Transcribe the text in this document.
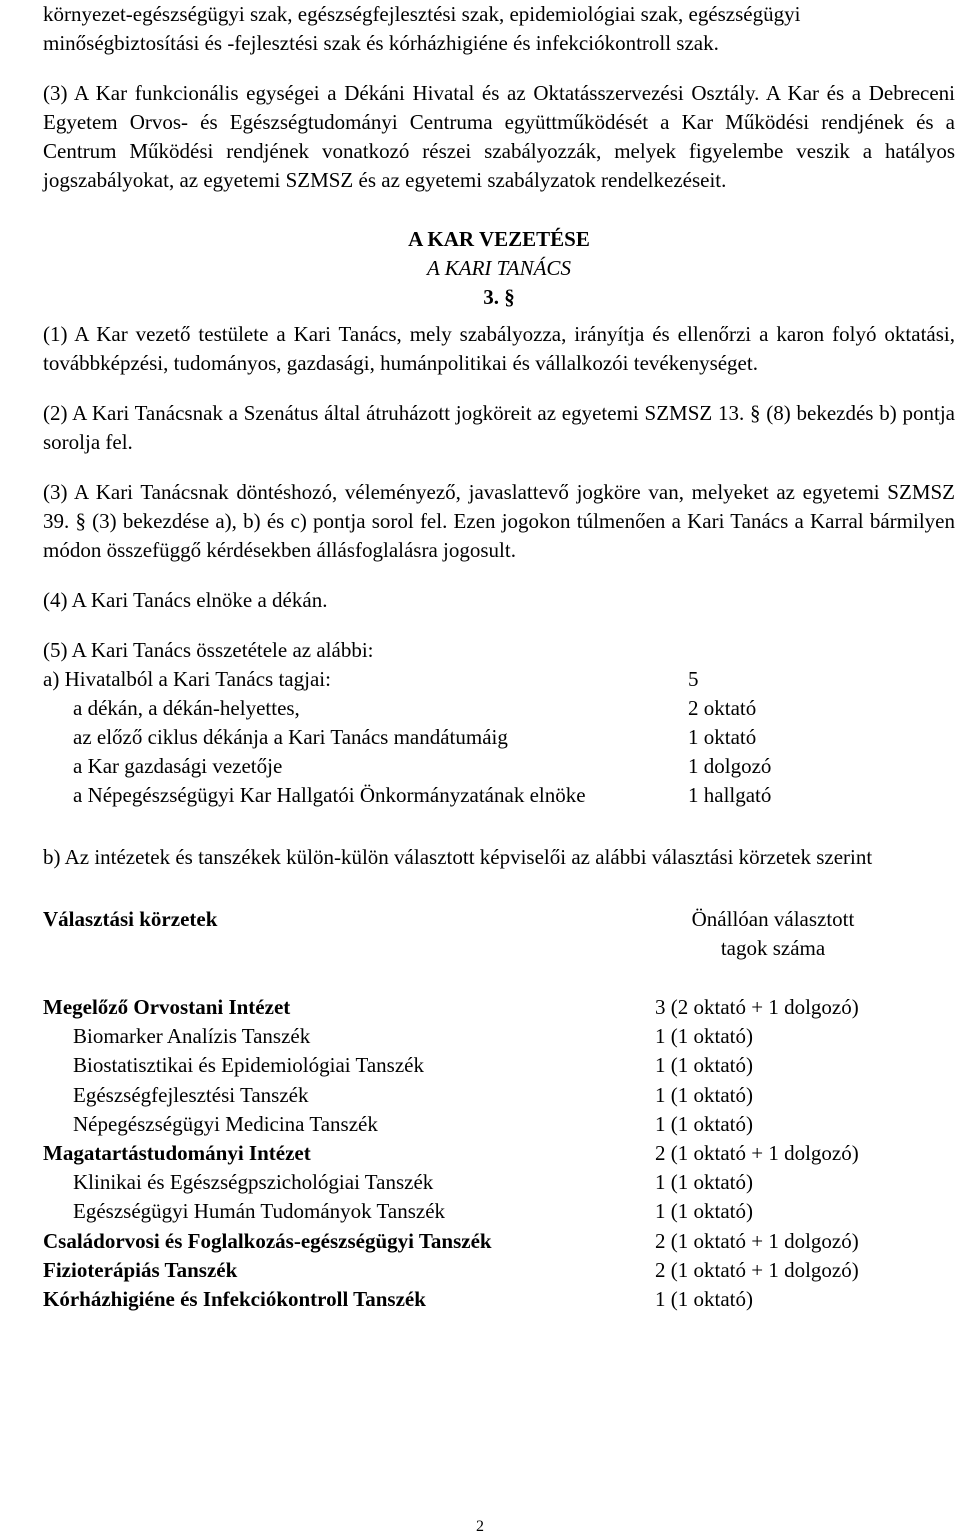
környezet-egészségügyi szak, egészségfejlesztési szak, epidemiológiai szak, egészségügyi

minőségbiztosítási és -fejlesztési szak és kórházhigiéne és infekciókontroll szak.

(3) A Kar funkcionális egységei a Dékáni Hivatal és az Oktatásszervezési Osztály. A Kar és a Debreceni Egyetem Orvos- és Egészségtudományi Centruma együttműködését a Kar Működési rendjének és a Centrum Működési rendjének vonatkozó részei szabályozzák, melyek figyelembe veszik a hatályos jogszabályokat, az egyetemi SZMSZ és az egyetemi szabályzatok rendelkezéseit.

A KAR VEZETÉSE

A KARI TANÁCS

3. §

(1) A Kar vezető testülete a Kari Tanács, mely szabályozza, irányítja és ellenőrzi a karon folyó oktatási, továbbképzési, tudományos, gazdasági, humánpolitikai és vállalkozói tevékenységet.

(2) A Kari Tanácsnak a Szenátus által átruházott jogköreit az egyetemi SZMSZ 13. § (8) bekezdés b) pontja sorolja fel.

(3) A Kari Tanácsnak döntéshozó, véleményező, javaslattevő jogköre van, melyeket az egyetemi SZMSZ 39. § (3) bekezdése a), b) és c) pontja sorol fel. Ezen jogokon túlmenően a Kari Tanács a Karral bármilyen módon összefüggő kérdésekben állásfoglalásra jogosult.

(4) A Kari Tanács elnöke a dékán.

(5) A Kari Tanács összetétele az alábbi:

a) Hivatalból a Kari Tanács tagjai:	5
a dékán, a dékán-helyettes,	2 oktató
az előző ciklus dékánja a Kari Tanács mandátumáig	1 oktató
a Kar gazdasági vezetője	1 dolgozó
a Népegészségügyi Kar Hallgatói Önkormányzatának elnöke	1 hallgató

b) Az intézetek és tanszékek külön-külön választott képviselői az alábbi választási körzetek szerint

Választási körzetek	Önállóan választott
tagok száma
Megelőző Orvostani Intézet	3 (2 oktató + 1 dolgozó)
Biomarker Analízis Tanszék	1 (1 oktató)
Biostatisztikai és Epidemiológiai Tanszék	1 (1 oktató)
Egészségfejlesztési Tanszék	1 (1 oktató)
Népegészségügyi Medicina Tanszék	1 (1 oktató)
Magatartástudományi Intézet	2 (1 oktató + 1 dolgozó)
Klinikai és Egészségpszichológiai Tanszék	1 (1 oktató)
Egészségügyi Humán Tudományok Tanszék	1 (1 oktató)
Családorvosi és Foglalkozás-egészségügyi Tanszék	2 (1 oktató + 1 dolgozó)
Fizioterápiás Tanszék	2 (1 oktató + 1 dolgozó)
Kórházhigiéne és Infekciókontroll Tanszék	1 (1 oktató)
2
